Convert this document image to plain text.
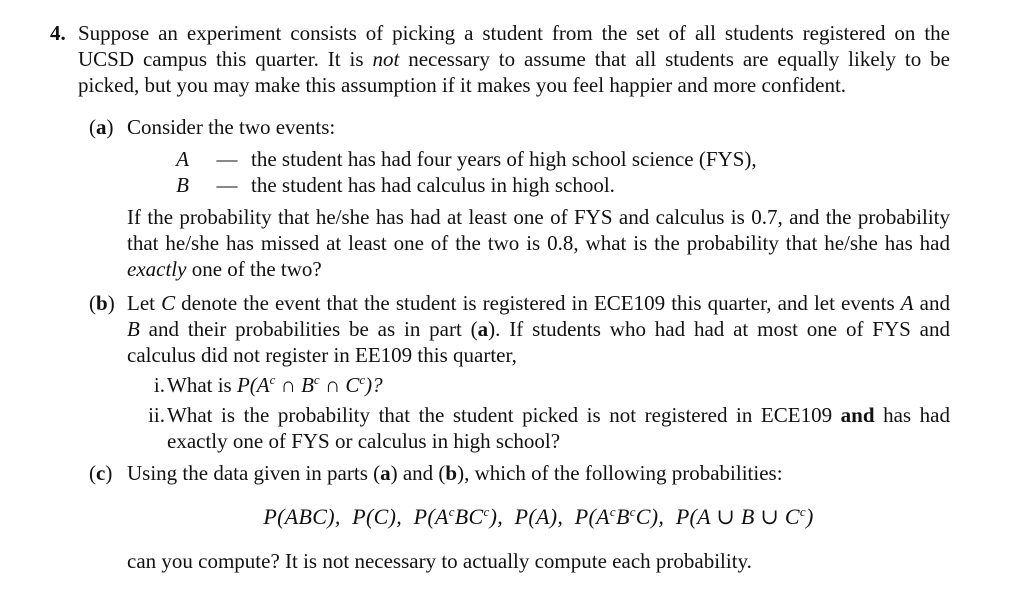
4. Suppose an experiment consists of picking a student from the set of all students registered on the UCSD campus this quarter. It is not necessary to assume that all students are equally likely to be picked, but you may make this assumption if it makes you feel happier and more confident.
(a) Consider the two events:
A	— the student has had four years of high school science (FYS),
B	— the student has had calculus in high school.
If the probability that he/she has had at least one of FYS and calculus is 0.7, and the probability that he/she has missed at least one of the two is 0.8, what is the probability that he/she has had exactly one of the two?
(b) Let C denote the event that the student is registered in ECE109 this quarter, and let events A and B and their probabilities be as in part (a). If students who had had at most one of FYS and calculus did not register in EE109 this quarter,
i. What is $P(A^c$ ∩ $B^c$ ∩ $C^c$)?
ii. What is the probability that the student picked is not registered in ECE109 and has had exactly one of FYS or calculus in high school?
(c) Using the data given in parts (a) and (b), which of the following probabilities:
P(ABC), P(C), $P(A^cBC^c)$, P(A), $P(A^cB^cC)$, P(A ∪ B ∪ $C^c$)
can you compute? It is not necessary to actually compute each probability.
